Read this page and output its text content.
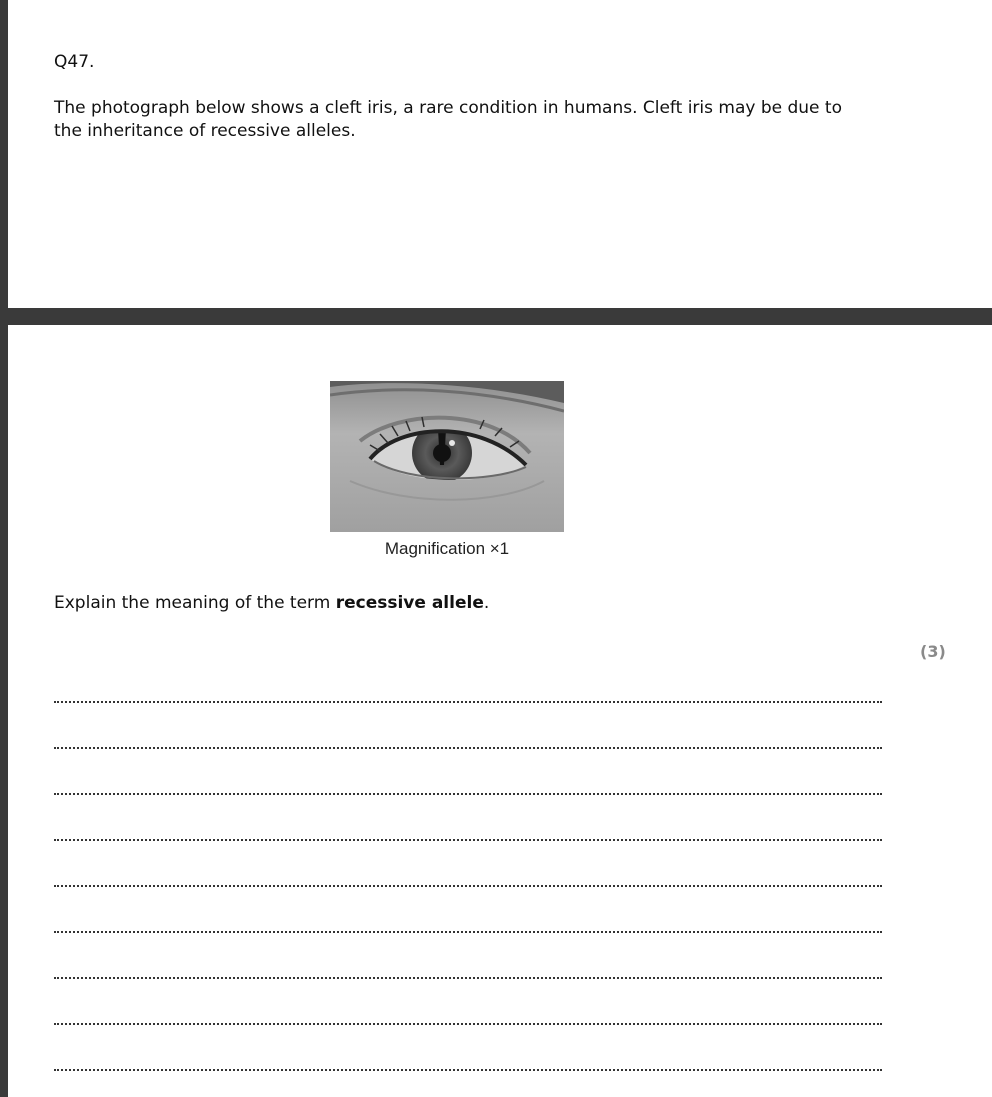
Q47.

The photograph below shows a cleft iris, a rare condition in humans. Cleft iris may be due to the inheritance of recessive alleles.

Magnification ×1

Explain the meaning of the term recessive allele.

(3)
